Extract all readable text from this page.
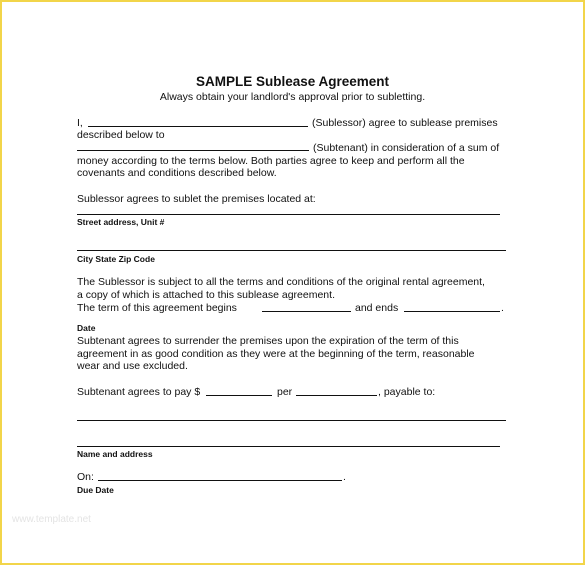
SAMPLE Sublease Agreement
Always obtain your landlord's approval prior to subletting.
I,	(Sublessor) agree to sublease premises
described below to
(Subtenant) in consideration of a sum of
money according to the terms below. Both parties agree to keep and perform all the
covenants and conditions described below.
Sublessor agrees to sublet the premises located at:
Street address, Unit #
City State Zip Code
The Sublessor is subject to all the terms and conditions of the original rental agreement,
a copy of which is attached to this sublease agreement.
The term of this agreement begins	and ends	.
Date
Subtenant agrees to surrender the premises upon the expiration of the term of this
agreement in as good condition as they were at the beginning of the term, reasonable
wear and use excluded.
Subtenant agrees to pay $	per	, payable to:
Name and address
On:	.
Due Date
www.template.net
